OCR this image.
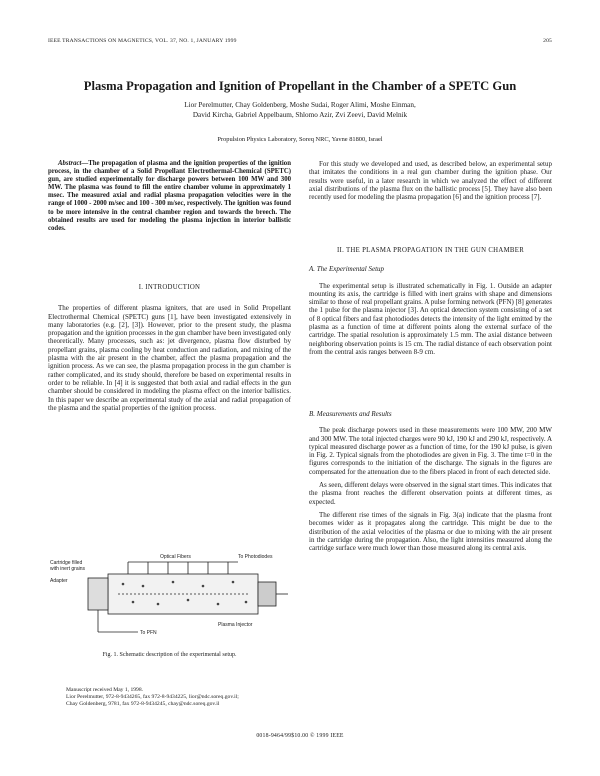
IEEE TRANSACTIONS ON MAGNETICS, VOL. 37, NO. 1, JANUARY 1999	205
Plasma Propagation and Ignition of Propellant in the Chamber of a SPETC Gun
Lior Perelmutter, Chay Goldenberg, Moshe Sudai, Roger Alimi, Moshe Einman,
David Kircha, Gabriel Appelbaum, Shlomo Azir, Zvi Zeevi, David Melnik
Propulsion Physics Laboratory, Soreq NRC, Yavne 81800, Israel

Abstract—The propagation of plasma and the ignition properties of the ignition process, in the chamber of a Solid Propellant Electrothermal-Chemical (SPETC) gun, are studied experimentally for discharge powers between 100 MW and 300 MW. The plasma was found to fill the entire chamber volume in approximately 1 msec. The measured axial and radial plasma propagation velocities were in the range of 1000 - 2000 m/sec and 100 - 300 m/sec, respectively. The ignition was found to be more intensive in the central chamber region and towards the breech. The obtained results are used for modeling the plasma injection in interior ballistic codes.

I. INTRODUCTION

The properties of different plasma igniters, that are used in Solid Propellant Electrothermal Chemical (SPETC) guns [1], have been investigated extensively in many laboratories (e.g. [2], [3]). However, prior to the present study, the plasma propagation and the ignition processes in the gun chamber have been investigated only theoretically. Many processes, such as: jet divergence, plasma flow disturbed by propellant grains, plasma cooling by heat conduction and radiation, and mixing of the plasma with the air present in the chamber, affect the plasma propagation and the ignition process. As we can see, the plasma propagation process in the gun chamber is rather complicated, and its study should, therefore be based on experimental results in order to be reliable. In [4] it is suggested that both axial and radial effects in the gun chamber should be considered in modeling the plasma effect on the interior ballistics. In this paper we describe an experimental study of the axial and radial propagation of the plasma and the spatial properties of the ignition process.

Adapter
Cartridge filled
with inert grains
Optical Fibers	To Photodiodes
Plasma Injector
To PFN
Fig. 1. Schematic description of the experimental setup.
Manuscript received May 1, 1998.
Lior Perelmutter, 972-8-9434265, fax 972-8-9434225, lior@ndc.soreq.gov.il;
Chay Goldenberg, 9781, fax 972-8-9434245, chay@ndc.soreq.gov.il

For this study we developed and used, as described below, an experimental setup that imitates the conditions in a real gun chamber during the ignition phase. Our results were useful, in a later research in which we analyzed the effect of different axial distributions of the plasma flux on the ballistic process [5]. They have also been recently used for modeling the plasma propagation [6] and the ignition process [7].

II. THE PLASMA PROPAGATION IN THE GUN CHAMBER
A. The Experimental Setup

The experimental setup is illustrated schematically in Fig. 1. Outside an adapter mounting its axis, the cartridge is filled with inert grains with shape and dimensions similar to those of real propellant grains. A pulse forming network (PFN) [8] generates the 1 pulse for the plasma injector [3]. An optical detection system consisting of a set of 8 optical fibers and fast photodiodes detects the intensity of the light emitted by the plasma as a function of time at different points along the external surface of the cartridge. The spatial resolution is approximately 1.5 mm. The axial distance between neighboring observation points is 15 cm. The radial distance of each observation point from the central axis ranges between 8-9 cm.

B. Measurements and Results

The peak discharge powers used in these measurements were 100 MW, 200 MW and 300 MW. The total injected charges were 90 kJ, 190 kJ and 290 kJ, respectively. A typical measured discharge power as a function of time, for the 190 kJ pulse, is given in Fig. 2. Typical signals from the photodiodes are given in Fig. 3. The time t=0 in the figures corresponds to the initiation of the discharge. The signals in the figures are compensated for the attenuation due to the fibers placed in front of each detected side.

As seen, different delays were observed in the signal start times. This indicates that the plasma front reaches the different observation points at different times, as expected.

The different rise times of the signals in Fig. 3(a) indicate that the plasma front becomes wider as it propagates along the cartridge. This might be due to the distribution of the axial velocities of the plasma or due to mixing with the air present in the cartridge during the propagation. Also, the light intensities measured along the cartridge surface were much lower than those measured along its central axis.

0018-9464/99$10.00 © 1999 IEEE
